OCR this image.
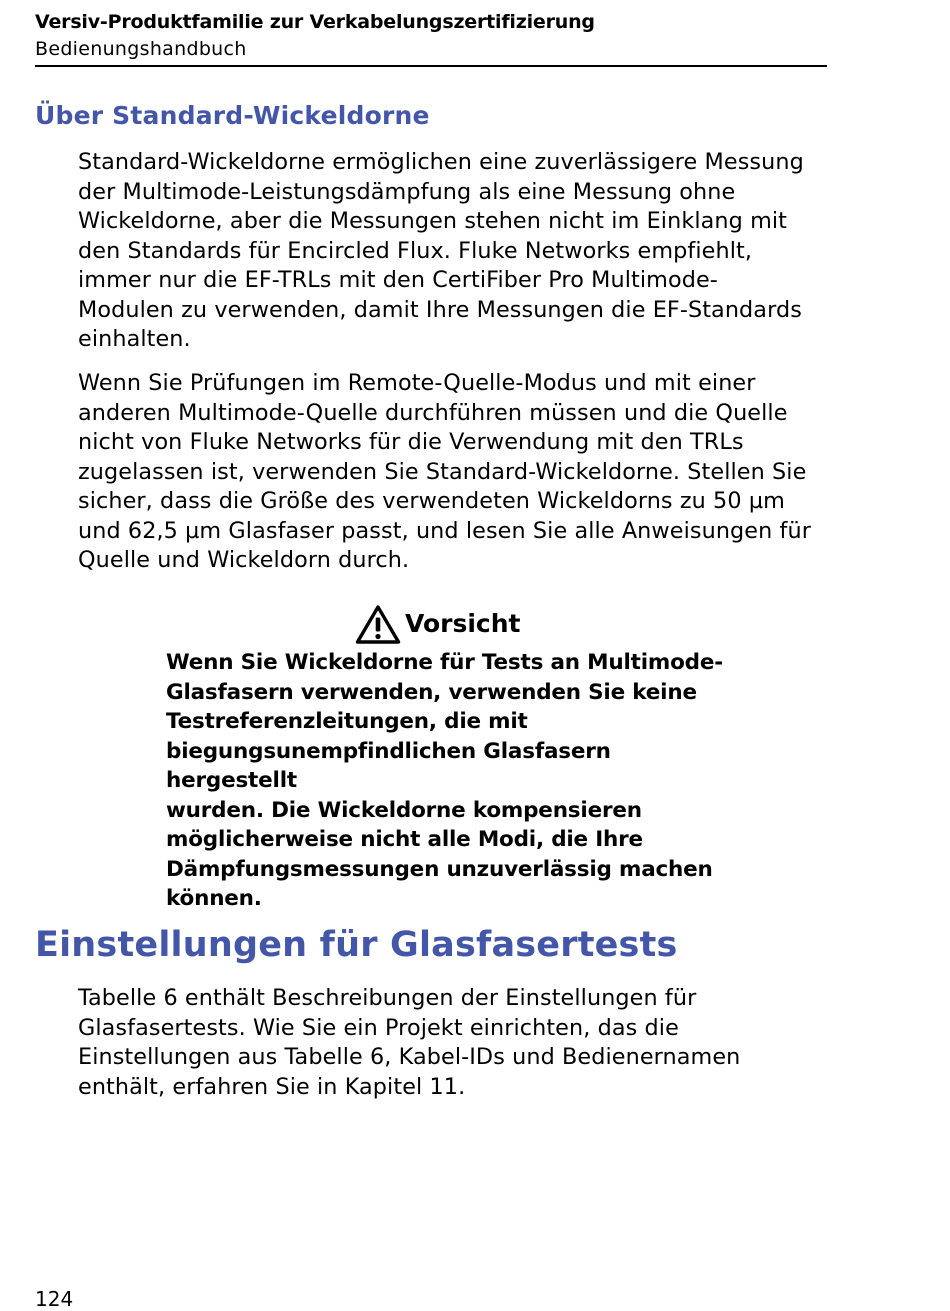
Versiv-Produktfamilie zur Verkabelungszertifizierung
Bedienungshandbuch
Über Standard-Wickeldorne

Standard-Wickeldorne ermöglichen eine zuverlässigere Messung
der Multimode-Leistungsdämpfung als eine Messung ohne
Wickeldorne, aber die Messungen stehen nicht im Einklang mit
den Standards für Encircled Flux. Fluke Networks empfiehlt,
immer nur die EF-TRLs mit den CertiFiber Pro Multimode-
Modulen zu verwenden, damit Ihre Messungen die EF-Standards
einhalten.

Wenn Sie Prüfungen im Remote-Quelle-Modus und mit einer
anderen Multimode-Quelle durchführen müssen und die Quelle
nicht von Fluke Networks für die Verwendung mit den TRLs
zugelassen ist, verwenden Sie Standard-Wickeldorne. Stellen Sie
sicher, dass die Größe des verwendeten Wickeldorns zu 50 µm
und 62,5 µm Glasfaser passt, und lesen Sie alle Anweisungen für
Quelle und Wickeldorn durch.

Vorsicht

Wenn Sie Wickeldorne für Tests an Multimode-
Glasfasern verwenden, verwenden Sie keine
Testreferenzleitungen, die mit
biegungsunempfindlichen Glasfasern hergestellt
wurden. Die Wickeldorne kompensieren
möglicherweise nicht alle Modi, die Ihre
Dämpfungsmessungen unzuverlässig machen
können.

Einstellungen für Glasfasertests

Tabelle 6 enthält Beschreibungen der Einstellungen für
Glasfasertests. Wie Sie ein Projekt einrichten, das die
Einstellungen aus Tabelle 6, Kabel-IDs und Bedienernamen
enthält, erfahren Sie in Kapitel 11.

124
